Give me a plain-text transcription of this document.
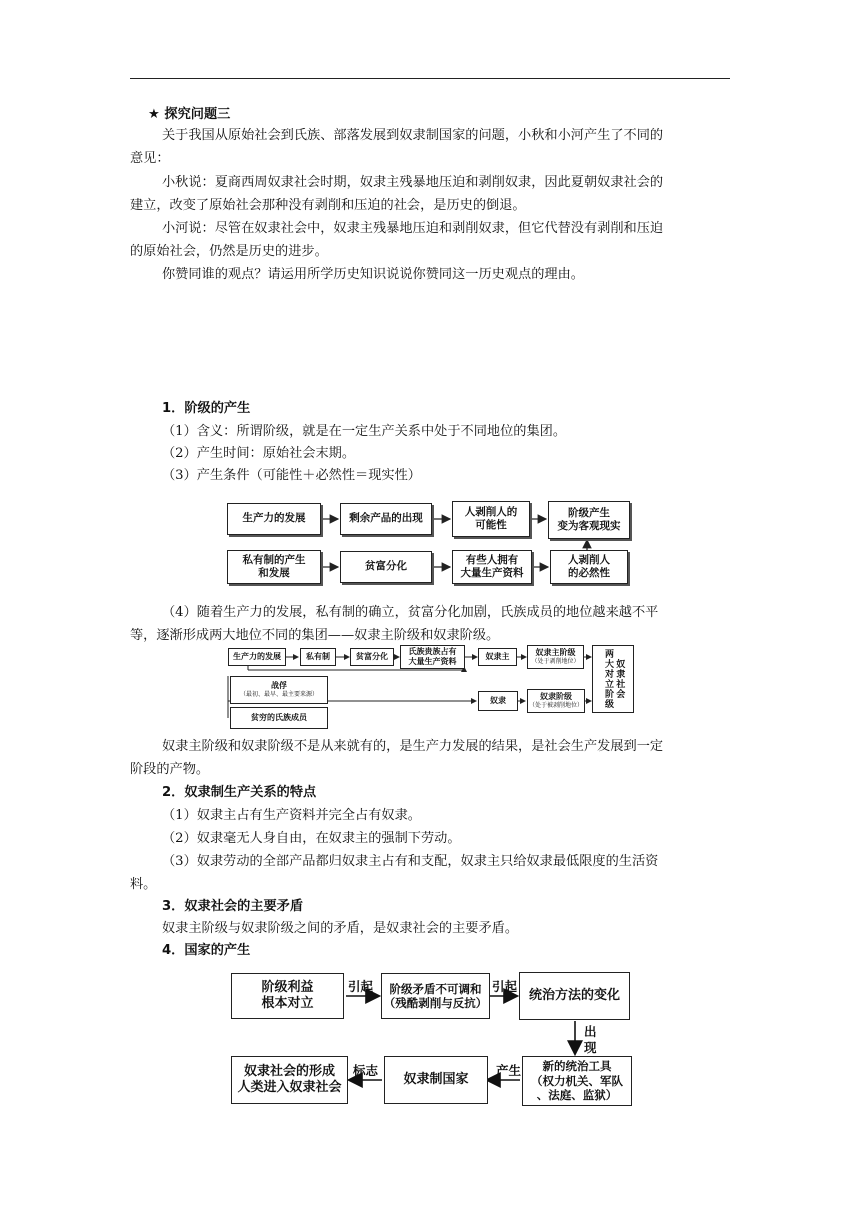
★ 探究问题三
关于我国从原始社会到氏族、部落发展到奴隶制国家的问题，小秋和小河产生了不同的
意见：
小秋说：夏商西周奴隶社会时期，奴隶主残暴地压迫和剥削奴隶，因此夏朝奴隶社会的
建立，改变了原始社会那种没有剥削和压迫的社会，是历史的倒退。
小河说：尽管在奴隶社会中，奴隶主残暴地压迫和剥削奴隶，但它代替没有剥削和压迫
的原始社会，仍然是历史的进步。
你赞同谁的观点？请运用所学历史知识说说你赞同这一历史观点的理由。
1．阶级的产生
（1）含义：所谓阶级，就是在一定生产关系中处于不同地位的集团。
（2）产生时间：原始社会末期。
（3）产生条件（可能性＋必然性＝现实性）
生产力的发展	剩余产品的出现
人剥削人的
可能性
阶级产生
变为客观现实
私有制的产生
和发展
贫富分化
有些人拥有
大量生产资料
人剥削人
的必然性
（4）随着生产力的发展，私有制的确立，贫富分化加剧，氏族成员的地位越来越不平
等，逐渐形成两大地位不同的集团——奴隶主阶级和奴隶阶级。
生产力的发展	私有制	贫富分化
氏族贵族占有
大量生产资料
奴隶主	奴隶主阶级
（处于剥削地位）	两大对立阶级 奴隶社会
战俘
（最初、最早、最主要来源）
贫穷的氏族成员
奴隶	奴隶阶级
（处于被剥削地位）
奴隶主阶级和奴隶阶级不是从来就有的，是生产力发展的结果，是社会生产发展到一定
阶段的产物。
2．奴隶制生产关系的特点
（1）奴隶主占有生产资料并完全占有奴隶。
（2）奴隶毫无人身自由，在奴隶主的强制下劳动。
（3）奴隶劳动的全部产品都归奴隶主占有和支配，奴隶主只给奴隶最低限度的生活资
料。
3．奴隶社会的主要矛盾
奴隶主阶级与奴隶阶级之间的矛盾，是奴隶社会的主要矛盾。
4．国家的产生
阶级利益
根本对立
引起	阶级矛盾不可调和
（残酷剥削与反抗）
引起
统治方法的变化
出
现
新的统治工具
（权力机关、军队
、法庭、监狱）
产生
奴隶制国家
标志
奴隶社会的形成
人类进入奴隶社会
